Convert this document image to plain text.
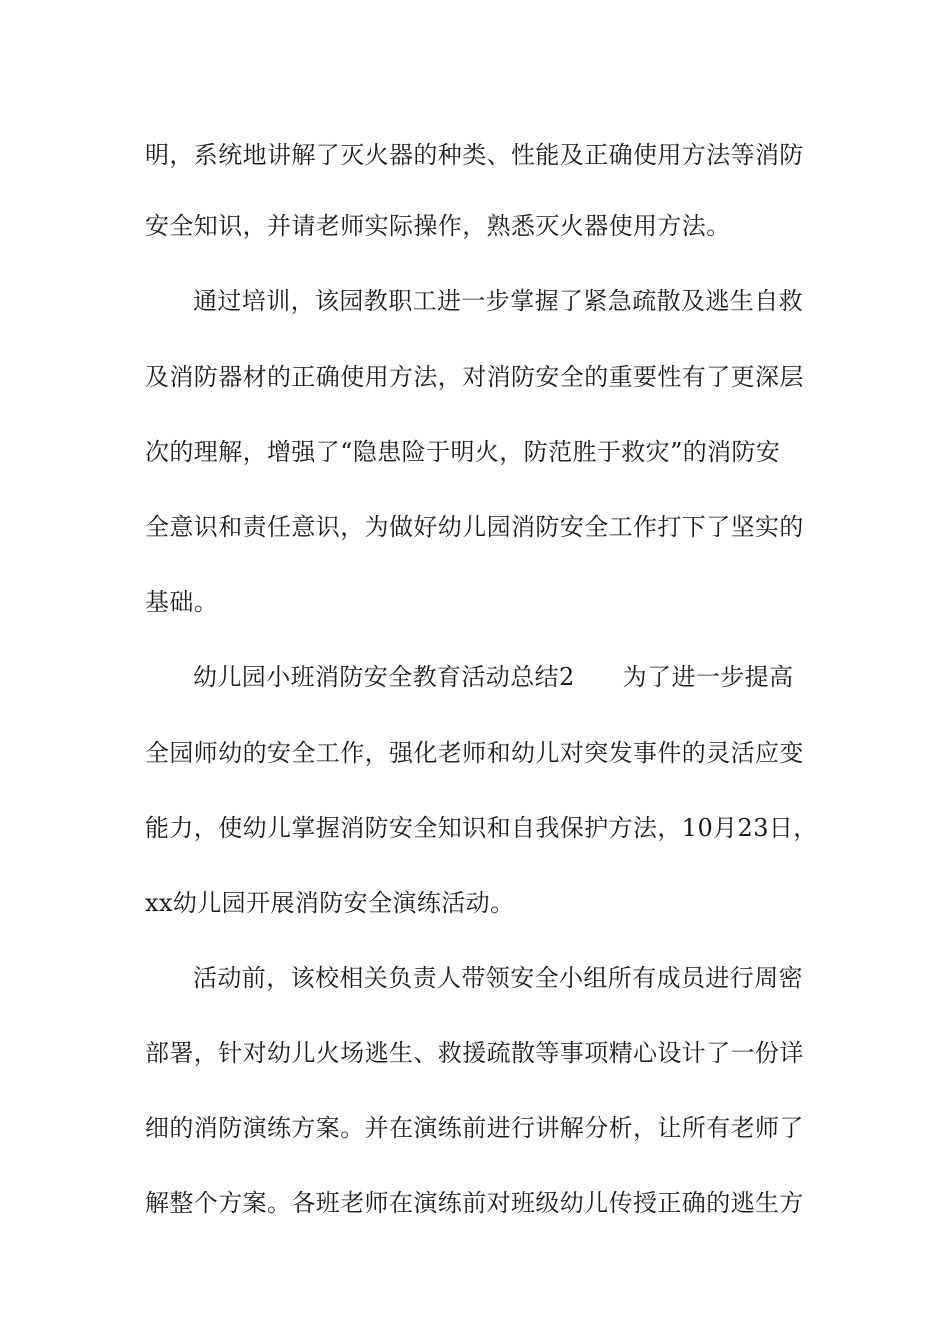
明，系统地讲解了灭火器的种类、性能及正确使用方法等消防
安全知识，并请老师实际操作，熟悉灭火器使用方法。
通过培训，该园教职工进一步掌握了紧急疏散及逃生自救
及消防器材的正确使用方法，对消防安全的重要性有了更深层
次的理解，增强了“隐患险于明火，防范胜于救灾”的消防安
全意识和责任意识，为做好幼儿园消防安全工作打下了坚实的
基础。
幼儿园小班消防安全教育活动总结2 为了进一步提高
全园师幼的安全工作，强化老师和幼儿对突发事件的灵活应变
能力，使幼儿掌握消防安全知识和自我保护方法，10月23日，
xx幼儿园开展消防安全演练活动。
活动前，该校相关负责人带领安全小组所有成员进行周密
部署，针对幼儿火场逃生、救援疏散等事项精心设计了一份详
细的消防演练方案。并在演练前进行讲解分析，让所有老师了
解整个方案。各班老师在演练前对班级幼儿传授正确的逃生方
